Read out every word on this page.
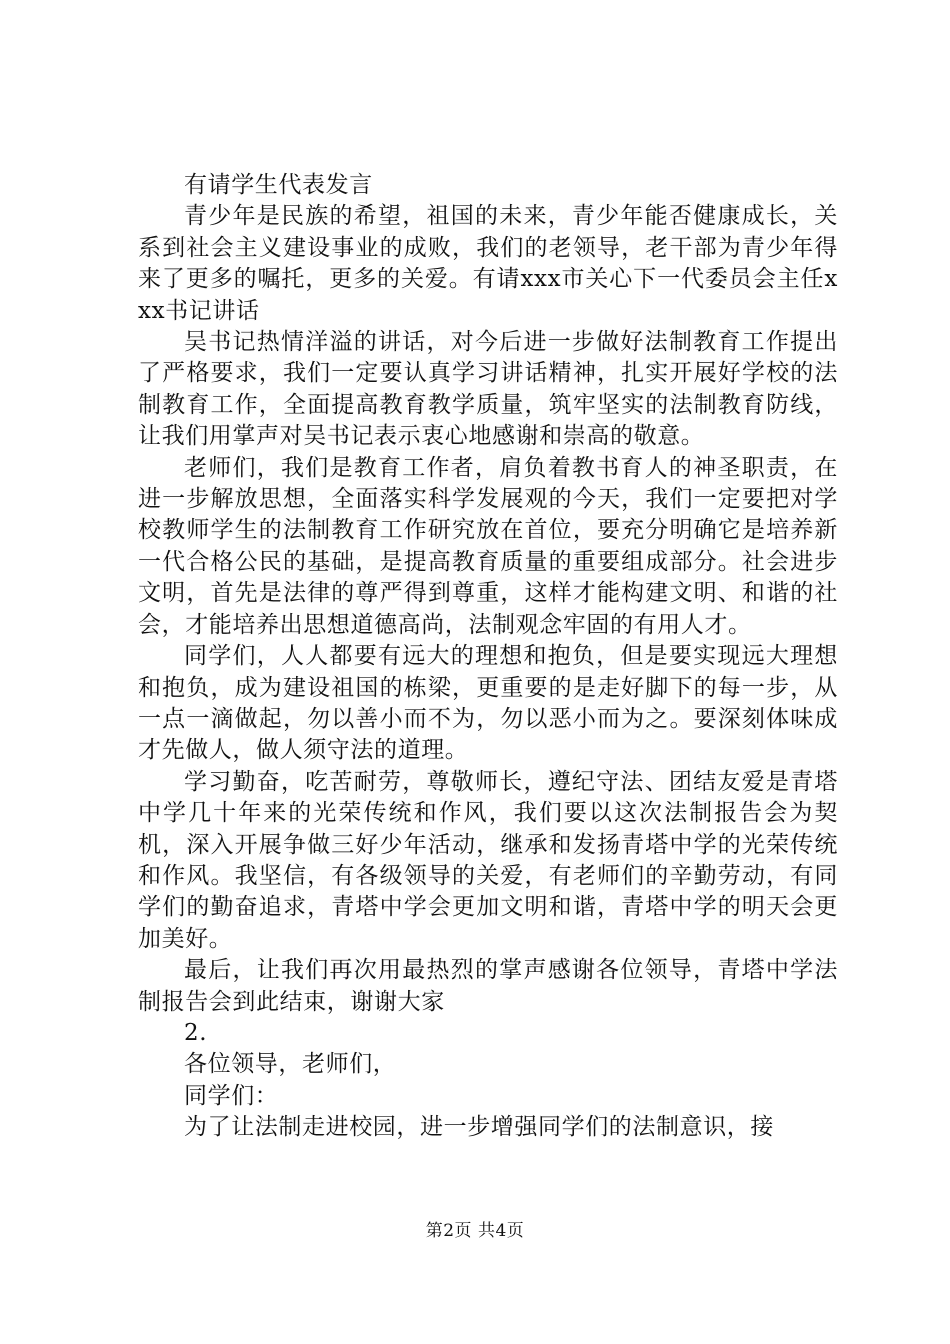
有请学生代表发言

青少年是民族的希望，祖国的未来，青少年能否健康成长，关系到社会主义建设事业的成败，我们的老领导，老干部为青少年得来了更多的嘱托，更多的关爱。有请xxx市关心下一代委员会主任xxx书记讲话

吴书记热情洋溢的讲话，对今后进一步做好法制教育工作提出了严格要求，我们一定要认真学习讲话精神，扎实开展好学校的法制教育工作，全面提高教育教学质量，筑牢坚实的法制教育防线，让我们用掌声对吴书记表示衷心地感谢和崇高的敬意。

老师们，我们是教育工作者，肩负着教书育人的神圣职责，在进一步解放思想，全面落实科学发展观的今天，我们一定要把对学校教师学生的法制教育工作研究放在首位，要充分明确它是培养新一代合格公民的基础，是提高教育质量的重要组成部分。社会进步文明，首先是法律的尊严得到尊重，这样才能构建文明、和谐的社会，才能培养出思想道德高尚，法制观念牢固的有用人才。

同学们，人人都要有远大的理想和抱负，但是要实现远大理想和抱负，成为建设祖国的栋梁，更重要的是走好脚下的每一步，从一点一滴做起，勿以善小而不为，勿以恶小而为之。要深刻体味成才先做人，做人须守法的道理。

学习勤奋，吃苦耐劳，尊敬师长，遵纪守法、团结友爱是青塔中学几十年来的光荣传统和作风，我们要以这次法制报告会为契机，深入开展争做三好少年活动，继承和发扬青塔中学的光荣传统和作风。我坚信，有各级领导的关爱，有老师们的辛勤劳动，有同学们的勤奋追求，青塔中学会更加文明和谐，青塔中学的明天会更加美好。

最后，让我们再次用最热烈的掌声感谢各位领导，青塔中学法制报告会到此结束，谢谢大家

2.

各位领导，老师们，

同学们：

为了让法制走进校园，进一步增强同学们的法制意识，接

第2页 共4页
